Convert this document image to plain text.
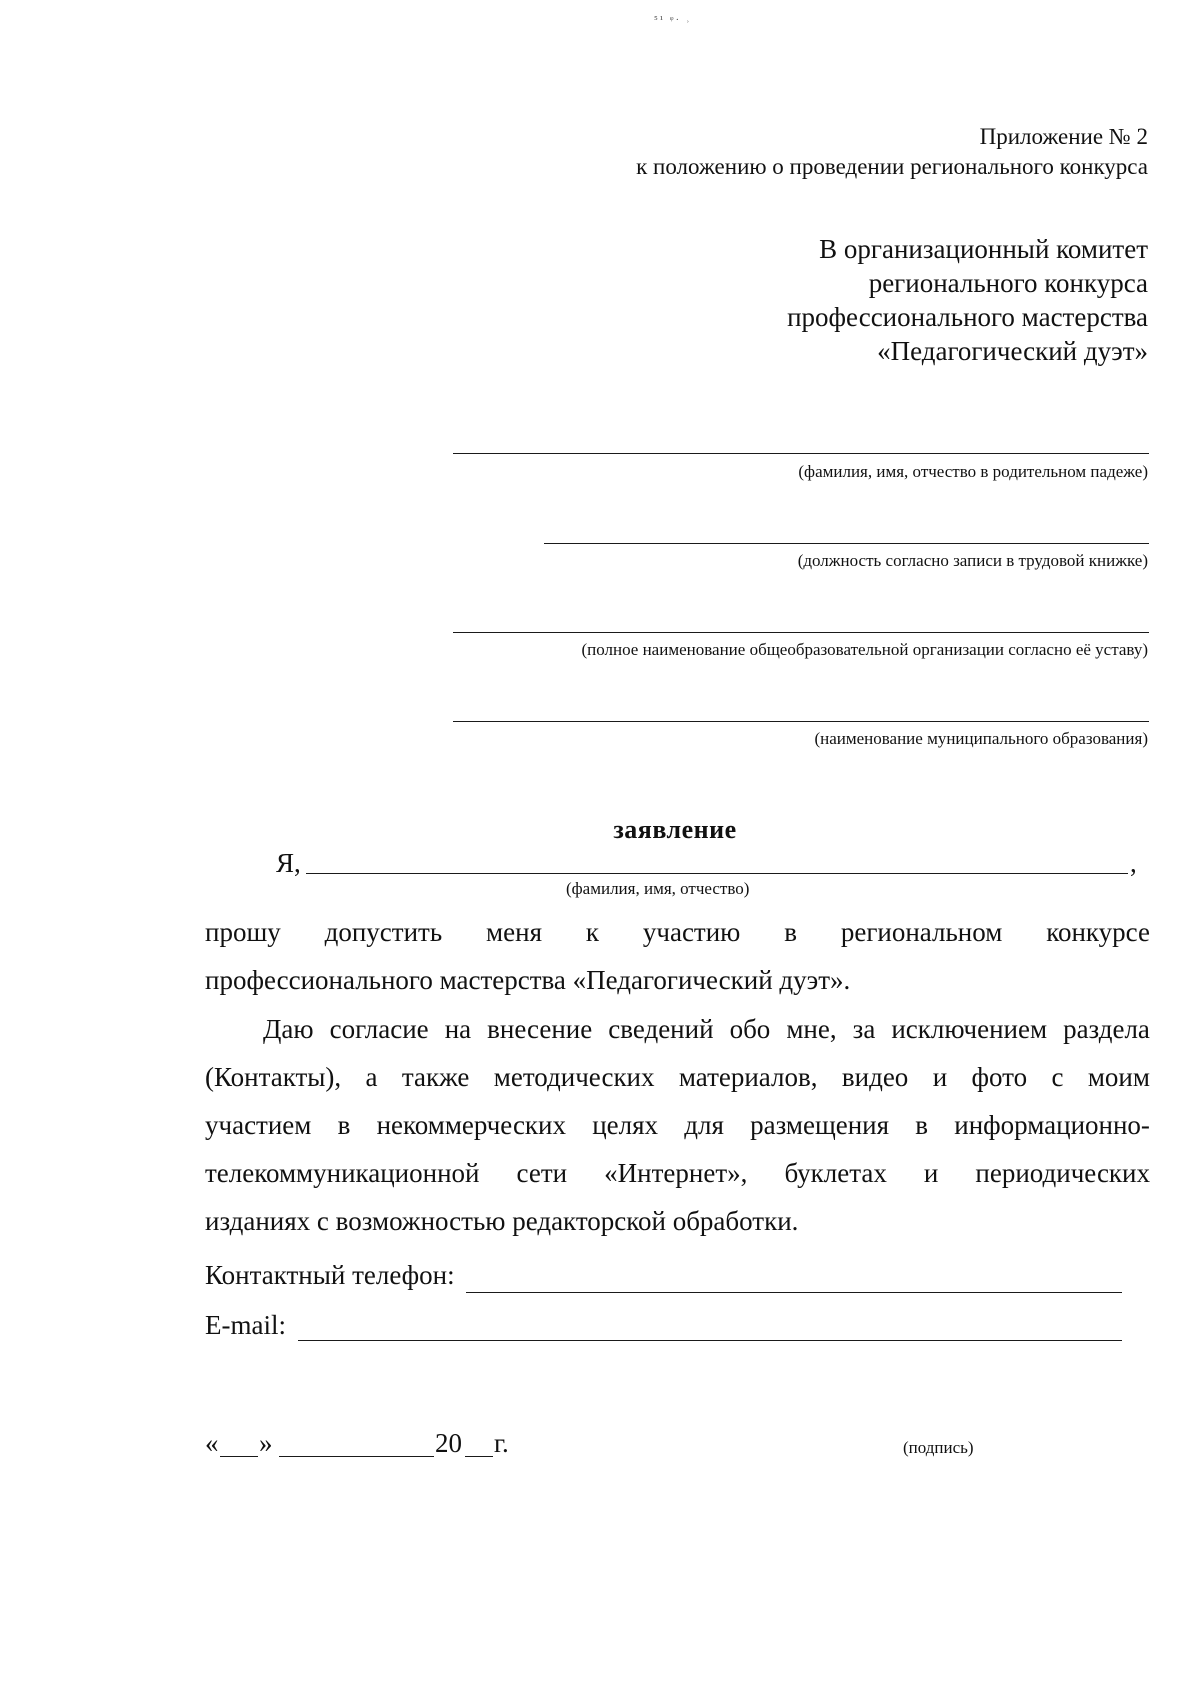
⁵¹ ᵠ· ˒
Приложение № 2
к положению о проведении регионального конкурса
В организационный комитет
регионального конкурса
профессионального мастерства
«Педагогический дуэт»
(фамилия, имя, отчество в родительном падеже)
(должность согласно записи в трудовой книжке)
(полное наименование общеобразовательной организации согласно её уставу)
(наименование муниципального образования)
заявление
Я,	,
(фамилия, имя, отчество)
прошу допустить меня к участию в региональном конкурсе
профессионального мастерства «Педагогический дуэт».
Даю согласие на внесение сведений обо мне, за исключением раздела
(Контакты), а также методических материалов, видео и фото с моим
участием в некоммерческих целях для размещения в информационно-
телекоммуникационной сети «Интернет», буклетах и периодических
изданиях с возможностью редакторской обработки.
Контактный телефон:
E-mail:
« »	20 г.	(подпись)
